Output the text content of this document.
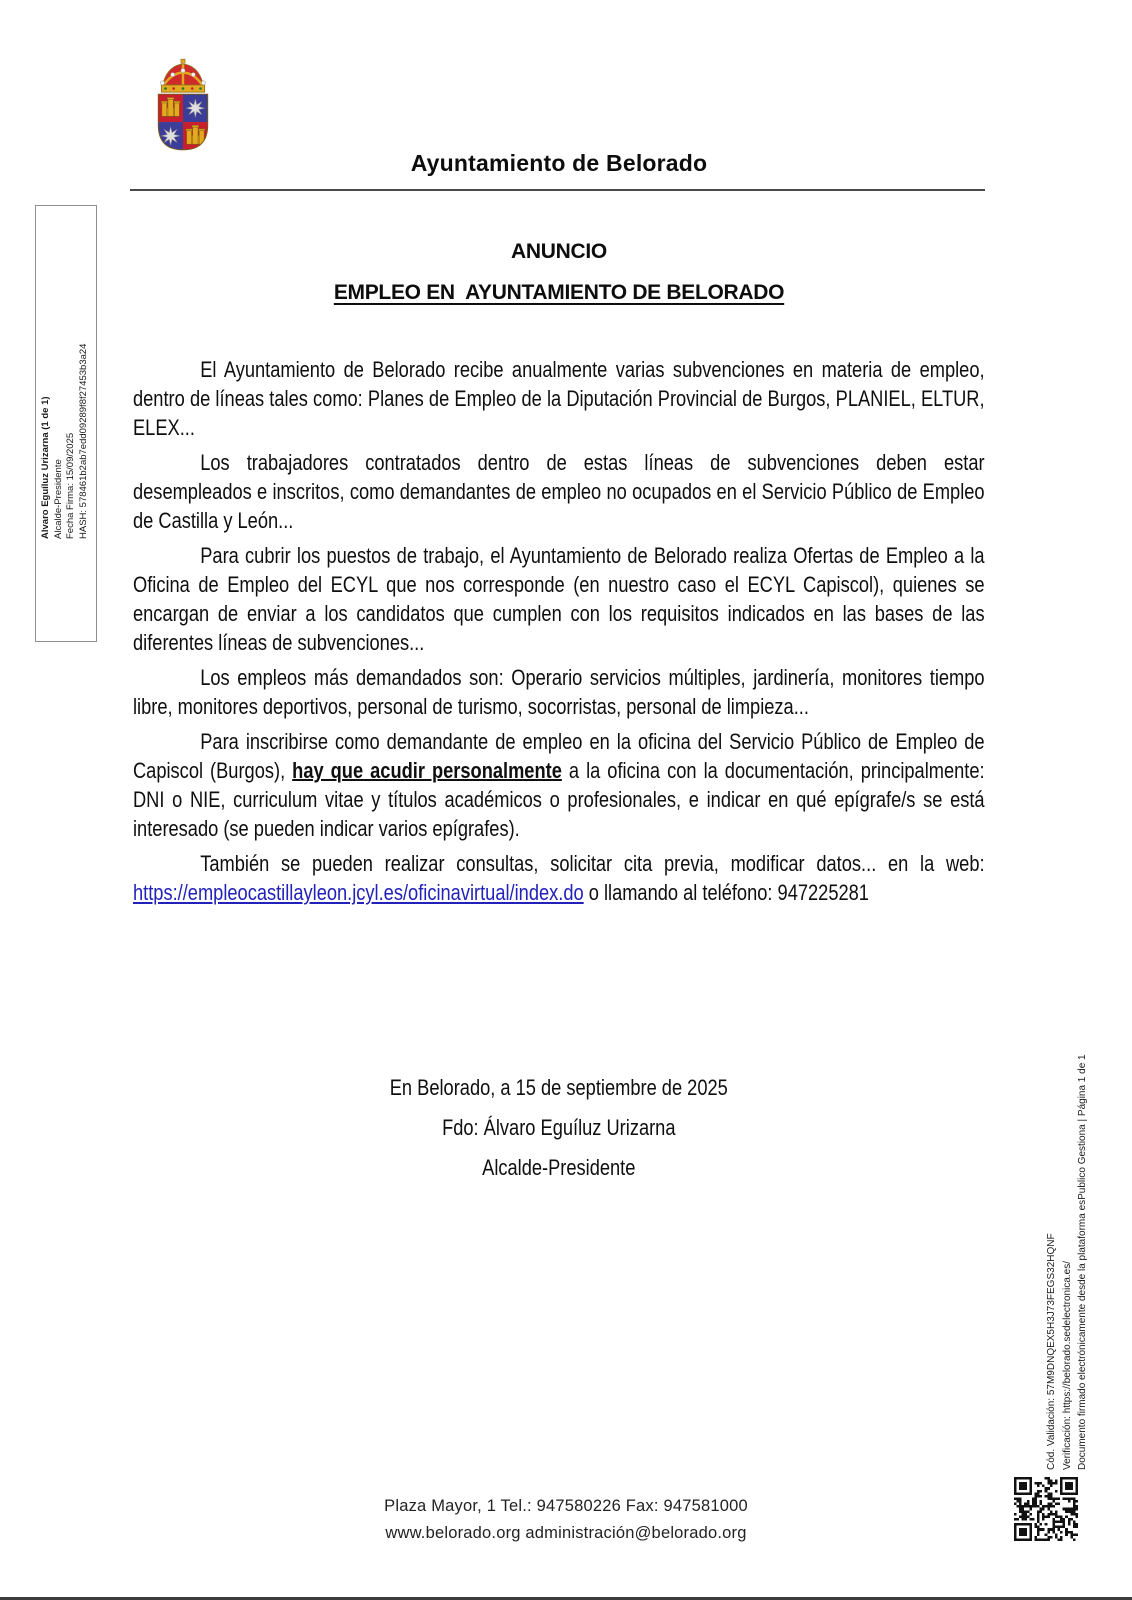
Ayuntamiento de Belorado
Alvaro Eguíluz Urizarna (1 de 1) Alcalde-Presidente Fecha Firma: 15/09/2025 HASH: 578461b2ab7edd09289f8f27453b3a24
ANUNCIO
EMPLEO EN  AYUNTAMIENTO DE BELORADO

El Ayuntamiento de Belorado recibe anualmente varias subvenciones en materia de empleo, dentro de líneas tales como: Planes de Empleo de la Diputación Provincial de Burgos, PLANIEL, ELTUR, ELEX...

Los trabajadores contratados dentro de estas líneas de subvenciones deben estar desempleados e inscritos, como demandantes de empleo no ocupados en el Servicio Público de Empleo de Castilla y León...

Para cubrir los puestos de trabajo, el Ayuntamiento de Belorado realiza Ofertas de Empleo a la Oficina de Empleo del ECYL que nos corresponde (en nuestro caso el ECYL Capiscol), quienes se encargan de enviar a los candidatos que cumplen con los requisitos indicados en las bases de las diferentes líneas de subvenciones...

Los empleos más demandados son: Operario servicios múltiples, jardinería, monitores tiempo libre, monitores deportivos, personal de turismo, socorristas, personal de limpieza...

Para inscribirse como demandante de empleo en la oficina del Servicio Público de Empleo de Capiscol (Burgos), hay que acudir personalmente a la oficina con la documentación, principalmente: DNI o NIE, curriculum vitae y títulos académicos o profesionales, e indicar en qué epígrafe/s se está interesado (se pueden indicar varios epígrafes).

También se pueden realizar consultas, solicitar cita previa, modificar datos... en la web: https://empleocastillayleon.jcyl.es/oficinavirtual/index.do o llamando al teléfono: 947225281

En Belorado, a 15 de septiembre de 2025
Fdo: Álvaro Eguíluz Urizarna
Alcalde-Presidente
Plaza Mayor, 1 Tel.: 947580226 Fax: 947581000
www.belorado.org administración@belorado.org
Cód. Validación: 57M9DNQEX5H3J73FEGS32HQNF Verificación: https://belorado.sedelectronica.es/ Documento firmado electrónicamente desde la plataforma esPublico Gestiona | Página 1 de 1
